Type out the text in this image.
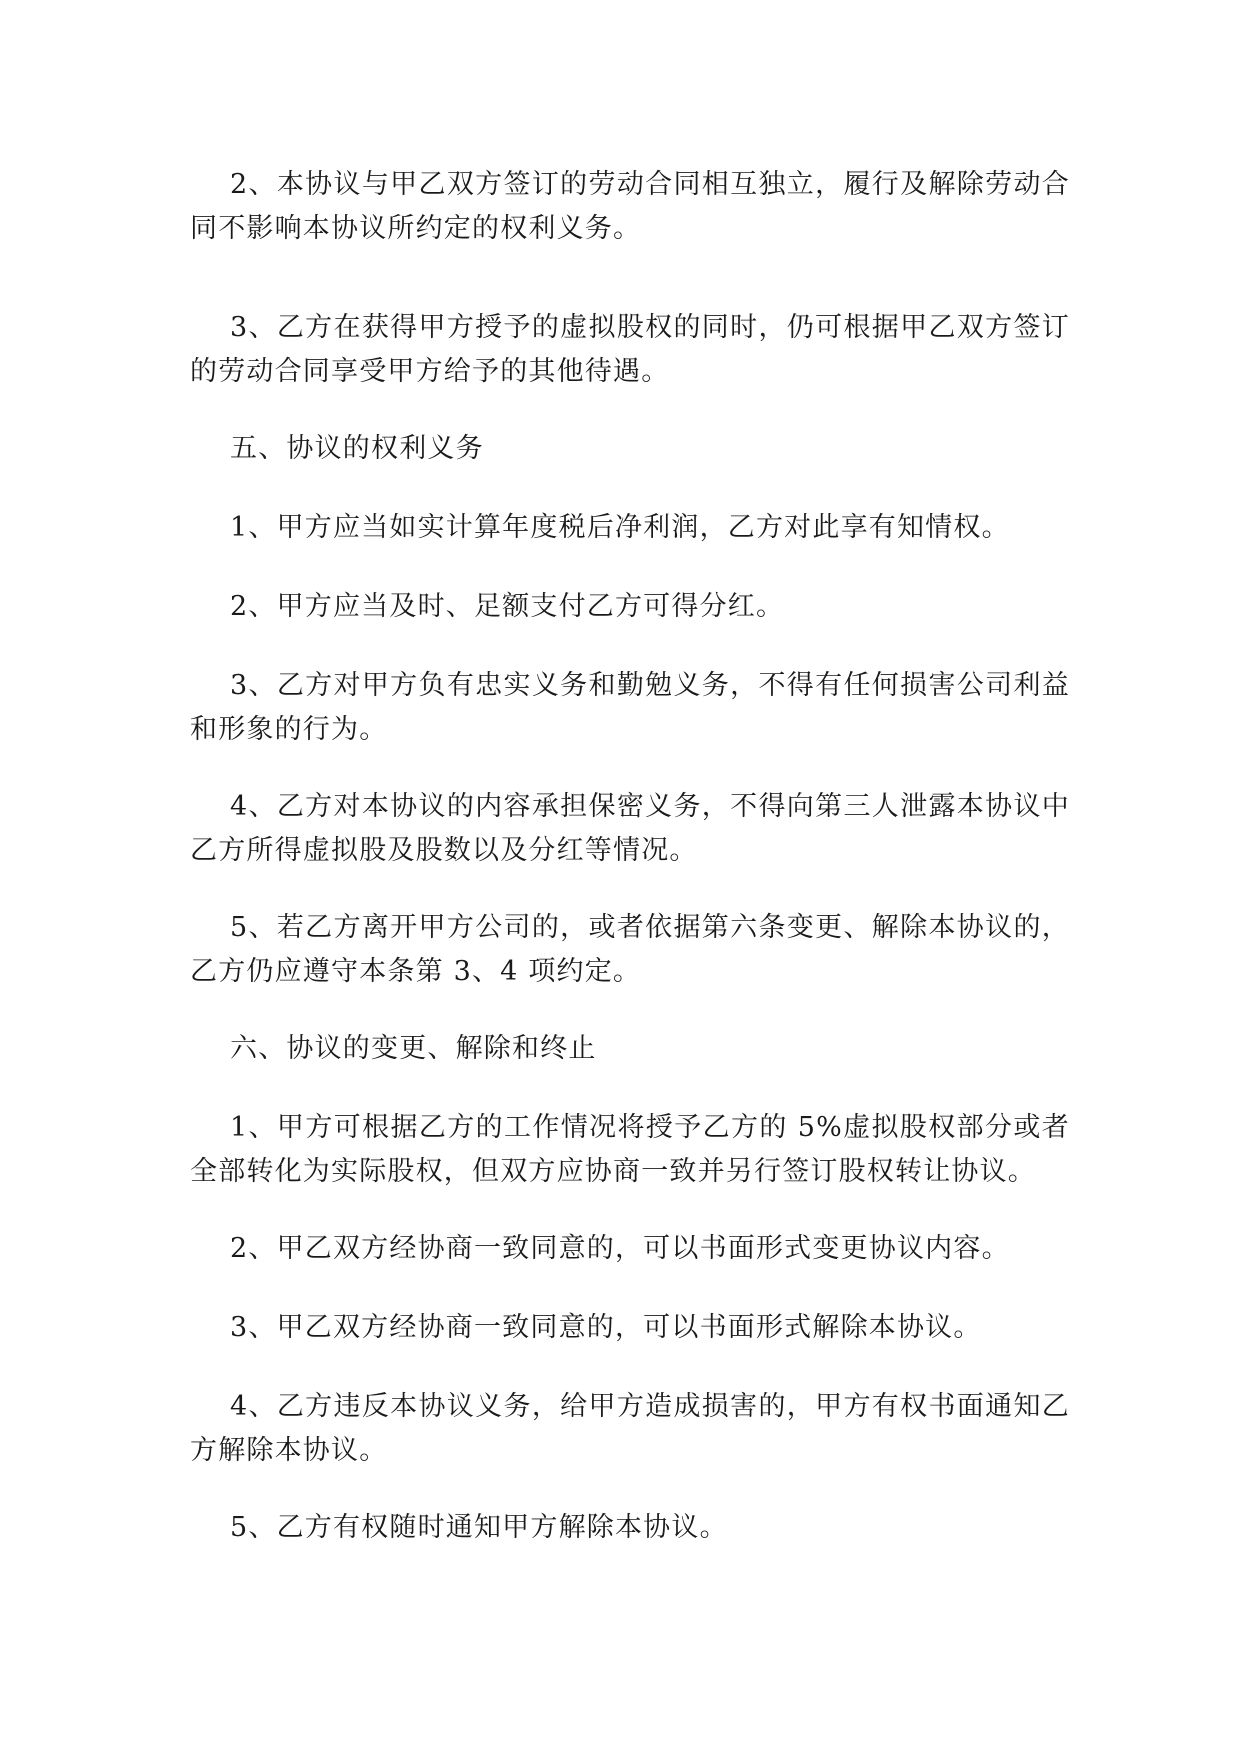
2、本协议与甲乙双方签订的劳动合同相互独立，履行及解除劳动合同不影响本协议所约定的权利义务。

3、乙方在获得甲方授予的虚拟股权的同时，仍可根据甲乙双方签订的劳动合同享受甲方给予的其他待遇。

五、协议的权利义务

1、甲方应当如实计算年度税后净利润，乙方对此享有知情权。

2、甲方应当及时、足额支付乙方可得分红。

3、乙方对甲方负有忠实义务和勤勉义务，不得有任何损害公司利益和形象的行为。

4、乙方对本协议的内容承担保密义务，不得向第三人泄露本协议中乙方所得虚拟股及股数以及分红等情况。

5、若乙方离开甲方公司的，或者依据第六条变更、解除本协议的，乙方仍应遵守本条第 3、4 项约定。

六、协议的变更、解除和终止

1、甲方可根据乙方的工作情况将授予乙方的 5%虚拟股权部分或者全部转化为实际股权，但双方应协商一致并另行签订股权转让协议。

2、甲乙双方经协商一致同意的，可以书面形式变更协议内容。

3、甲乙双方经协商一致同意的，可以书面形式解除本协议。

4、乙方违反本协议义务，给甲方造成损害的，甲方有权书面通知乙方解除本协议。

5、乙方有权随时通知甲方解除本协议。
